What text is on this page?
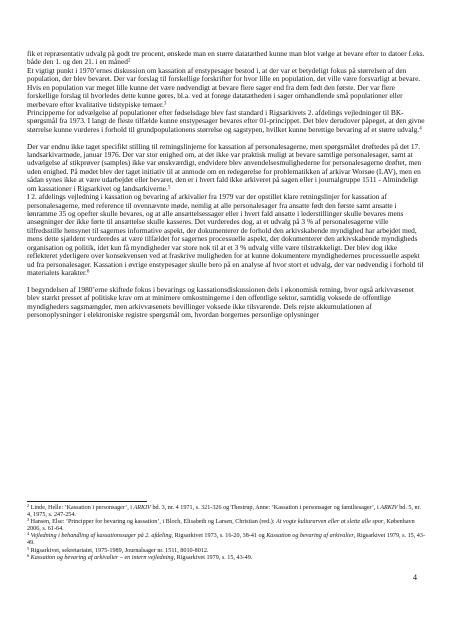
fik et repræsentativ udvalg på godt tre procent, ønskede man en større datatæthed kunne man blot vælge at bevare efter to datoer f.eks. både den 1. og den 21. i en måned$^2$
Et vigtigt punkt i 1970’ernes diskussion om kassation af enstypesager bestod i, at der var et betydeligt fokus på størrelsen af den population, der blev bevaret. Der var forslag til forskellige forskrifter for hvor lille en population, det ville være forsvarligt at bevare. Hvis en population var meget lille kunne det være nødvendigt at bevare flere sager end fra dem født den første. Der var flere forskellige forslag til hvorledes dette kunne gøres, bl.a. ved at forøge datatætheden i sager omhandlende små populationer eller merbevare efter kvalitative tidstypiske temaer.$^3$
Principperne for udvælgelse af populationer efter fødselsdage blev fast standard i Rigsarkivets 2. afdelings vejledninger til BK-spørgsmål fra 1973. I langt de fleste tilfælde kunne enstypesager bevares efter 01-princippet. Det blev derudover påpeget, at den givne størrelse kunne vurderes i forhold til grundpopulationens størrelse og sagstypen, hvilket kunne berettige bevaring af et større udvalg.$^4$

Der var endnu ikke taget specifikt stilling til retningslinjerne for kassation af personalesagerne, men spørgsmålet drøftedes på det 17. landsarkivarmøde, januar 1976. Der var stor enighed om, at det ikke var praktisk muligt at bevare samtlige personalesager, samt at udvælgelse af stikprøver (samples) ikke var ønskværdigt, endvidere blev anvendelsesmulighederne for personalesagerne drøftet, men uden enighed. På mødet blev der taget initiativ til at anmode om en redegørelse for problematikken af arkivar Worsøe (LAV), men en sådan synes ikke at være udarbejdet eller bevaret, den er i hvert fald ikke arkiveret på sagen eller i journalgruppe 1511 - Almindeligt om kassationer i Rigsarkivet og landsarkiverne.$^5$
I 2. afdelings vejledning i kassation og bevaring af arkivalier fra 1979 var der opstillet klare retningslinjer for kassation af personalesagerne, med reference til ovennævnte møde, nemlig at alle personalesager fra ansatte født den første samt ansatte i lønramme 35 og opefter skulle bevares, og at alle ansættelsessager eller i hvert fald ansatte i lederstillinger skulle bevares mens ansøgninger der ikke førte til ansættelse skulle kasseres. Det vurderedes dog, at et udvalg på 3 % af personalesagerne ville tilfredsstille hensynet til sagernes informative aspekt, der dokumenterer de forhold den arkivskabende myndighed har arbejdet med, mens dette sjældent vurderedes at være tilfældet for sagernes processuelle aspekt, der dokumenterer den arkivskabende myndigheds organisation og politik, idet kun få myndigheder var store nok til at et 3 % udvalg ville være tilstrækkeligt. Der blev dog ikke reflekteret yderligere over konsekvensen ved at fraskrive muligheden for at kunne dokumentere myndighedernes processuelle aspekt ud fra personalesager. Kassation i øvrige enstypesager skulle bero på en analyse af hvor stort et udvalg, der var nødvendig i forhold til materialets karakter.$^6$

I begyndelsen af 1980’erne skiftede fokus i bevarings og kassationsdiskussionen dels i økonomisk retning, hvor også arkivvæsenet blev stærkt presset af politiske krav om at minimere omkostningerne i den offentlige sektor, samtidig voksede de offentlige myndigheders sagsmængder, men arkivvæsenets bevillinger voksede ikke tilsvarende. Dels rejste akkumulationen af personoplysninger i elektroniske registre spørgsmål om, hvordan borgernes personlige oplysninger

$^2$ Linde, Helle: ’Kassation i personsager’, i ARKIV bd. 3, nr. 4 1971, s. 321-326 og Thestrup, Anne: ’Kassation i personsager og familiesager’, i ARKIV bd. 5, nr. 4, 1975, s. 247-254.

$^3$ Hansen, Else: ’Principper for bevaring og kassation’, i Bloch, Elisabeth og Larsen, Christian (red.): At vogte kulturarven eller at slette alle spor, København 2006, s. 61-64.

$^4$ Vejledning i behandling af kassationssager på 2. afdeling, Rigsarkivet 1973, s. 16-20, 38-41 og Kassation og bevaring af arkivalier, Rigsarkivet 1979, s. 15, 43-49.

$^5$ Rigsarkivet, sekretariatet, 1975-1989, Journalsager nr. 1511, 8010-8012.

$^6$ Kassation og bevaring af arkivalier – en intern vejledning, Rigsarkivet 1979, s. 15, 43-49.

4
